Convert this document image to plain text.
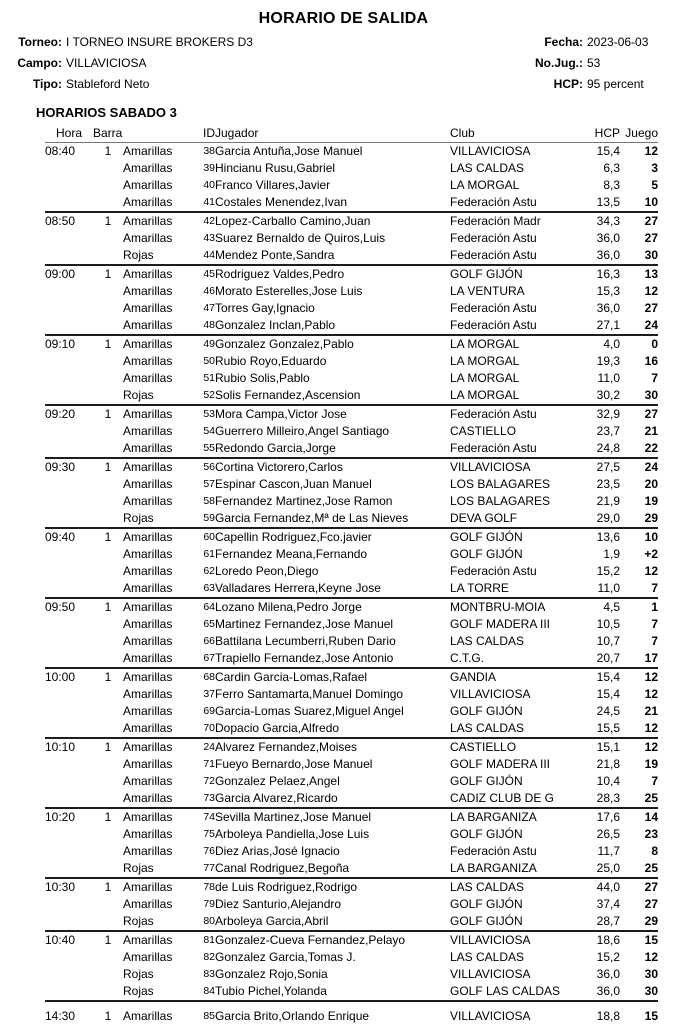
HORARIO DE SALIDA
Torneo: I TORNEO INSURE BROKERS D3	Fecha: 2023-06-03
Campo: VILLAVICIOSA	No.Jug.: 53
Tipo: Stableford Neto	HCP: 95 percent
HORARIOS SABADO 3
Hora	Barra		ID	Jugador	Club	HCP	Juego
08:40	1	Amarillas	38	Garcia Antuña,Jose Manuel	VILLAVICIOSA	15,4	12
		Amarillas	39	Hincianu Rusu,Gabriel	LAS CALDAS	6,3	3
		Amarillas	40	Franco Villares,Javier	LA MORGAL	8,3	5
		Amarillas	41	Costales Menendez,Ivan	Federación Astu	13,5	10
08:50	1	Amarillas	42	Lopez-Carballo Camino,Juan	Federación Madr	34,3	27
		Amarillas	43	Suarez Bernaldo de Quiros,Luis	Federación Astu	36,0	27
		Rojas	44	Mendez Ponte,Sandra	Federación Astu	36,0	30
09:00	1	Amarillas	45	Rodriguez Valdes,Pedro	GOLF GIJÓN	16,3	13
		Amarillas	46	Morato Esterelles,Jose Luis	LA VENTURA	15,3	12
		Amarillas	47	Torres Gay,Ignacio	Federación Astu	36,0	27
		Amarillas	48	Gonzalez Inclan,Pablo	Federación Astu	27,1	24
09:10	1	Amarillas	49	Gonzalez Gonzalez,Pablo	LA MORGAL	4,0	0
		Amarillas	50	Rubio Royo,Eduardo	LA MORGAL	19,3	16
		Amarillas	51	Rubio Solis,Pablo	LA MORGAL	11,0	7
		Rojas	52	Solis Fernandez,Ascension	LA MORGAL	30,2	30
09:20	1	Amarillas	53	Mora Campa,Victor Jose	Federación Astu	32,9	27
		Amarillas	54	Guerrero Milleiro,Angel Santiago	CASTIELLO	23,7	21
		Amarillas	55	Redondo Garcia,Jorge	Federación Astu	24,8	22
09:30	1	Amarillas	56	Cortina Victorero,Carlos	VILLAVICIOSA	27,5	24
		Amarillas	57	Espinar Cascon,Juan Manuel	LOS BALAGARES	23,5	20
		Amarillas	58	Fernandez Martinez,Jose Ramon	LOS BALAGARES	21,9	19
		Rojas	59	Garcia Fernandez,Mª de Las Nieves	DEVA GOLF	29,0	29
09:40	1	Amarillas	60	Capellin Rodriguez,Fco.javier	GOLF GIJÓN	13,6	10
		Amarillas	61	Fernandez Meana,Fernando	GOLF GIJÓN	1,9	+2
		Amarillas	62	Loredo Peon,Diego	Federación Astu	15,2	12
		Amarillas	63	Valladares Herrera,Keyne Jose	LA TORRE	11,0	7
09:50	1	Amarillas	64	Lozano Milena,Pedro Jorge	MONTBRU-MOIA	4,5	1
		Amarillas	65	Martinez Fernandez,Jose Manuel	GOLF MADERA III	10,5	7
		Amarillas	66	Battilana Lecumberri,Ruben Dario	LAS CALDAS	10,7	7
		Amarillas	67	Trapiello Fernandez,Jose Antonio	C.T.G.	20,7	17
10:00	1	Amarillas	68	Cardin Garcia-Lomas,Rafael	GANDIA	15,4	12
		Amarillas	37	Ferro Santamarta,Manuel Domingo	VILLAVICIOSA	15,4	12
		Amarillas	69	Garcia-Lomas Suarez,Miguel Angel	GOLF GIJÓN	24,5	21
		Amarillas	70	Dopacio Garcia,Alfredo	LAS CALDAS	15,5	12
10:10	1	Amarillas	24	Alvarez Fernandez,Moises	CASTIELLO	15,1	12
		Amarillas	71	Fueyo Bernardo,Jose Manuel	GOLF MADERA III	21,8	19
		Amarillas	72	Gonzalez Pelaez,Angel	GOLF GIJÓN	10,4	7
		Amarillas	73	Garcia Alvarez,Ricardo	CADIZ CLUB DE G	28,3	25
10:20	1	Amarillas	74	Sevilla Martinez,Jose Manuel	LA BARGANIZA	17,6	14
		Amarillas	75	Arboleya Pandiella,Jose Luis	GOLF GIJÓN	26,5	23
		Amarillas	76	Diez Arias,José Ignacio	Federación Astu	11,7	8
		Rojas	77	Canal Rodriguez,Begoña	LA BARGANIZA	25,0	25
10:30	1	Amarillas	78	de Luis Rodriguez,Rodrigo	LAS CALDAS	44,0	27
		Amarillas	79	Diez Santurio,Alejandro	GOLF GIJÓN	37,4	27
		Rojas	80	Arboleya Garcia,Abril	GOLF GIJÓN	28,7	29
10:40	1	Amarillas	81	Gonzalez-Cueva Fernandez,Pelayo	VILLAVICIOSA	18,6	15
		Amarillas	82	Gonzalez Garcia,Tomas J.	LAS CALDAS	15,2	12
		Rojas	83	Gonzalez Rojo,Sonia	VILLAVICIOSA	36,0	30
		Rojas	84	Tubio Pichel,Yolanda	GOLF LAS CALDAS	36,0	30
14:30	1	Amarillas	85	Garcia Brito,Orlando Enrique	VILLAVICIOSA	18,8	15
